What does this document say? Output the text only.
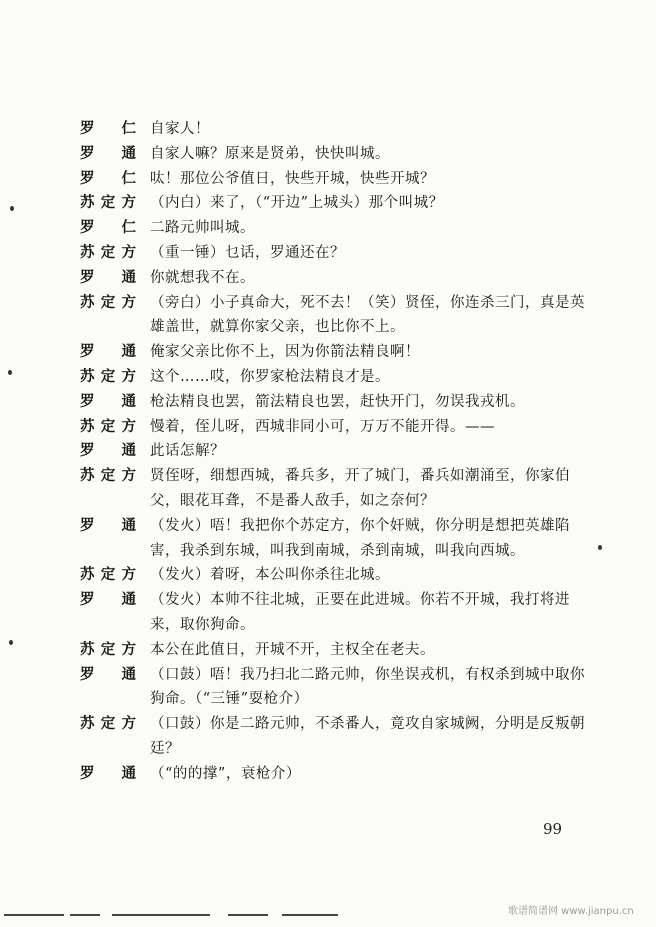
罗 仁 自家人！
罗 通 自家人嘛？原来是贤弟，快快叫城。
罗 仁 呔！那位公爷值日，快些开城，快些开城？
苏 定 方 （内白）来了，（“开边”上城头）那个叫城？
罗 仁 二路元帅叫城。
苏 定 方 （重一锤）乜话，罗通还在？
罗 通 你就想我不在。
苏 定 方 （旁白）小子真命大，死不去！（笑）贤侄，你连杀三门，真是英雄盖世，就算你家父亲，也比你不上。
罗 通 俺家父亲比你不上，因为你箭法精良啊！
苏 定 方 这个……哎，你罗家枪法精良才是。
罗 通 枪法精良也罢，箭法精良也罢，赶快开门，勿误我戎机。
苏 定 方 慢着，侄儿呀，西城非同小可，万万不能开得。——
罗 通 此话怎解？
苏 定 方 贤侄呀，细想西城，番兵多，开了城门，番兵如潮涌至，你家伯父，眼花耳聋，不是番人敌手，如之奈何？
罗 通 （发火）唔！我把你个苏定方，你个奸贼，你分明是想把英雄陷害，我杀到东城，叫我到南城，杀到南城，叫我向西城。
苏 定 方 （发火）着呀，本公叫你杀往北城。
罗 通 （发火）本帅不往北城，正要在此进城。你若不开城，我打将进来，取你狗命。
苏 定 方 本公在此值日，开城不开，主权全在老夫。
罗 通 （口鼓）唔！我乃扫北二路元帅，你坐误戎机，有权杀到城中取你狗命。（“三锤”耍枪介）
苏 定 方 （口鼓）你是二路元帅，不杀番人，竟攻自家城阙，分明是反叛朝廷？
罗 通 （“的的撑”，衰枪介）
99
歌谱简谱网 www.jianpu.cn
